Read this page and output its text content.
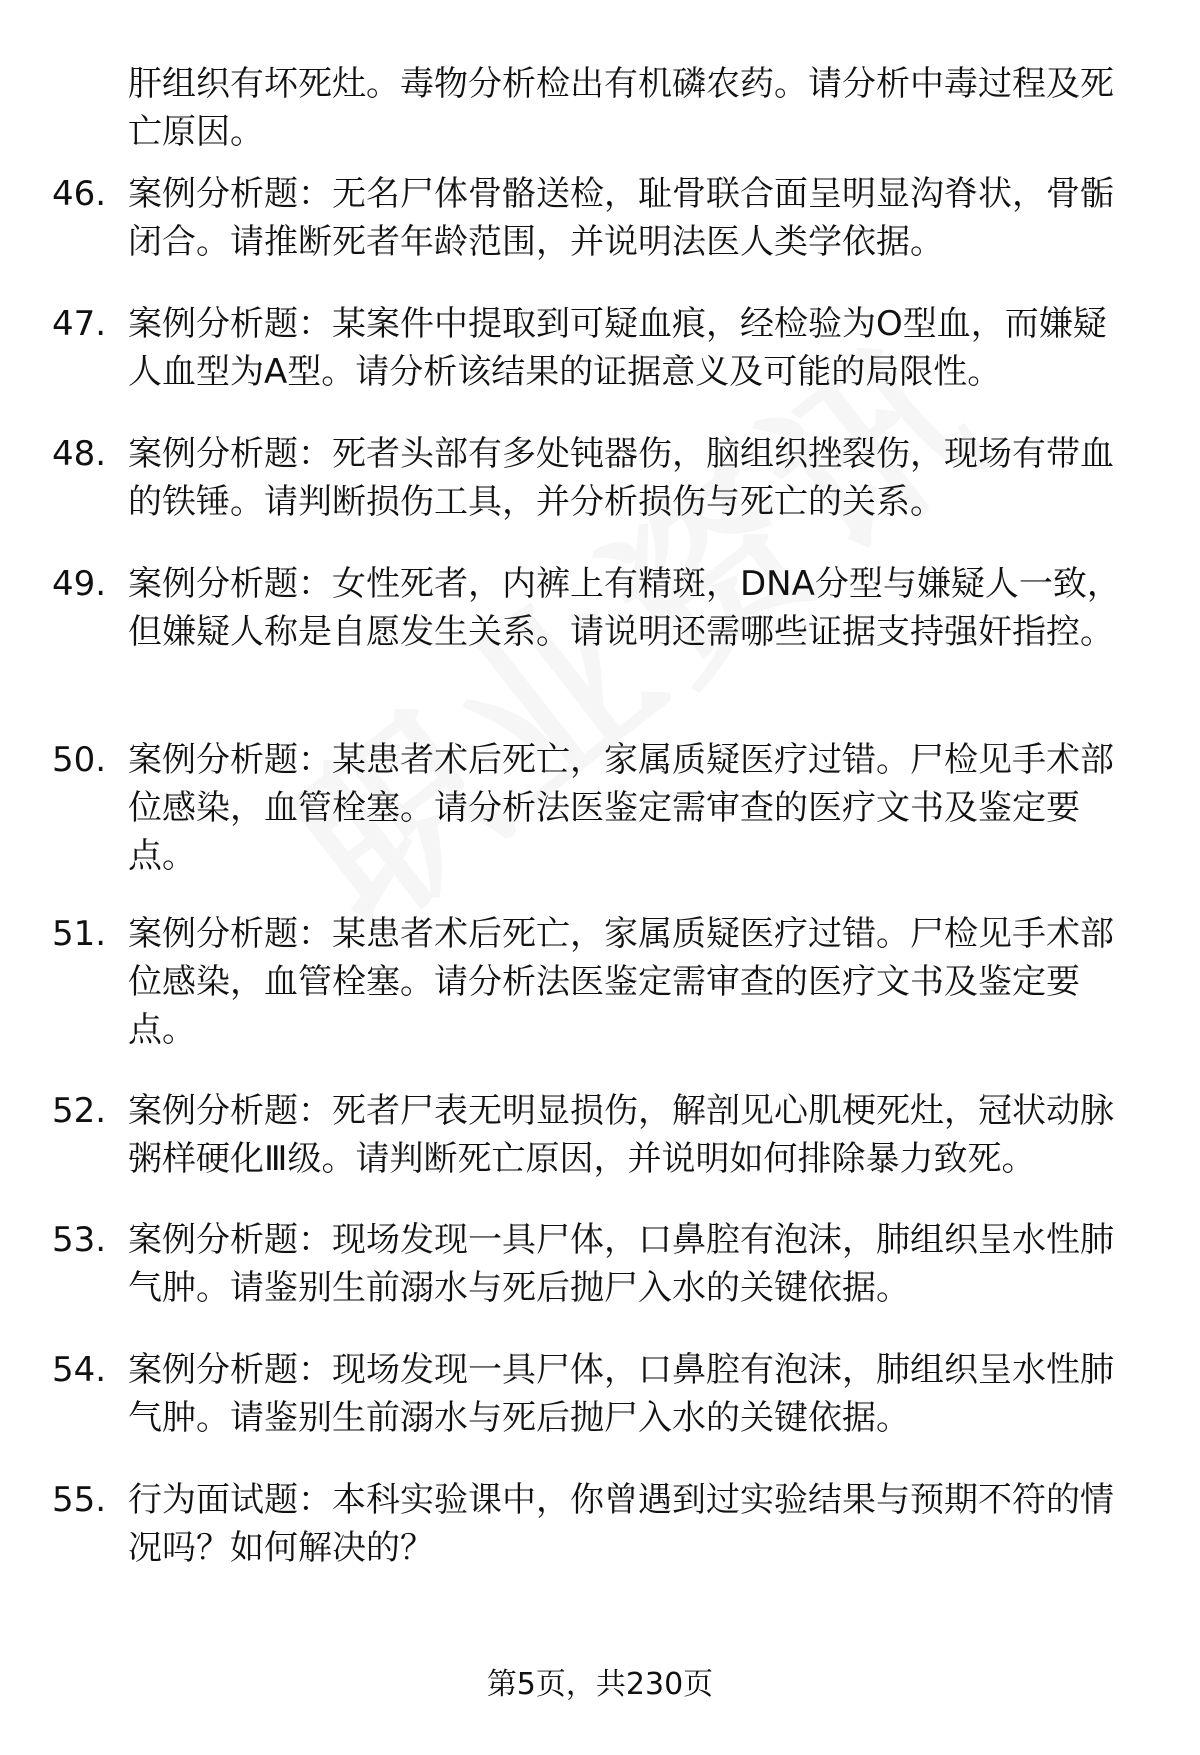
肝组织有坏死灶。毒物分析检出有机磷农药。请分析中毒过程及死亡原因。
46. 案例分析题：无名尸体骨骼送检，耻骨联合面呈明显沟脊状，骨骺闭合。请推断死者年龄范围，并说明法医人类学依据。
47. 案例分析题：某案件中提取到可疑血痕，经检验为O型血，而嫌疑人血型为A型。请分析该结果的证据意义及可能的局限性。
48. 案例分析题：死者头部有多处钝器伤，脑组织挫裂伤，现场有带血的铁锤。请判断损伤工具，并分析损伤与死亡的关系。
49. 案例分析题：女性死者，内裤上有精斑，DNA分型与嫌疑人一致，但嫌疑人称是自愿发生关系。请说明还需哪些证据支持强奸指控。
50. 案例分析题：某患者术后死亡，家属质疑医疗过错。尸检见手术部位感染，血管栓塞。请分析法医鉴定需审查的医疗文书及鉴定要点。
51. 案例分析题：某患者术后死亡，家属质疑医疗过错。尸检见手术部位感染，血管栓塞。请分析法医鉴定需审查的医疗文书及鉴定要点。
52. 案例分析题：死者尸表无明显损伤，解剖见心肌梗死灶，冠状动脉粥样硬化Ⅲ级。请判断死亡原因，并说明如何排除暴力致死。
53. 案例分析题：现场发现一具尸体，口鼻腔有泡沫，肺组织呈水性肺气肿。请鉴别生前溺水与死后抛尸入水的关键依据。
54. 案例分析题：现场发现一具尸体，口鼻腔有泡沫，肺组织呈水性肺气肿。请鉴别生前溺水与死后抛尸入水的关键依据。
55. 行为面试题：本科实验课中，你曾遇到过实验结果与预期不符的情况吗？如何解决的？
第5页，共230页
